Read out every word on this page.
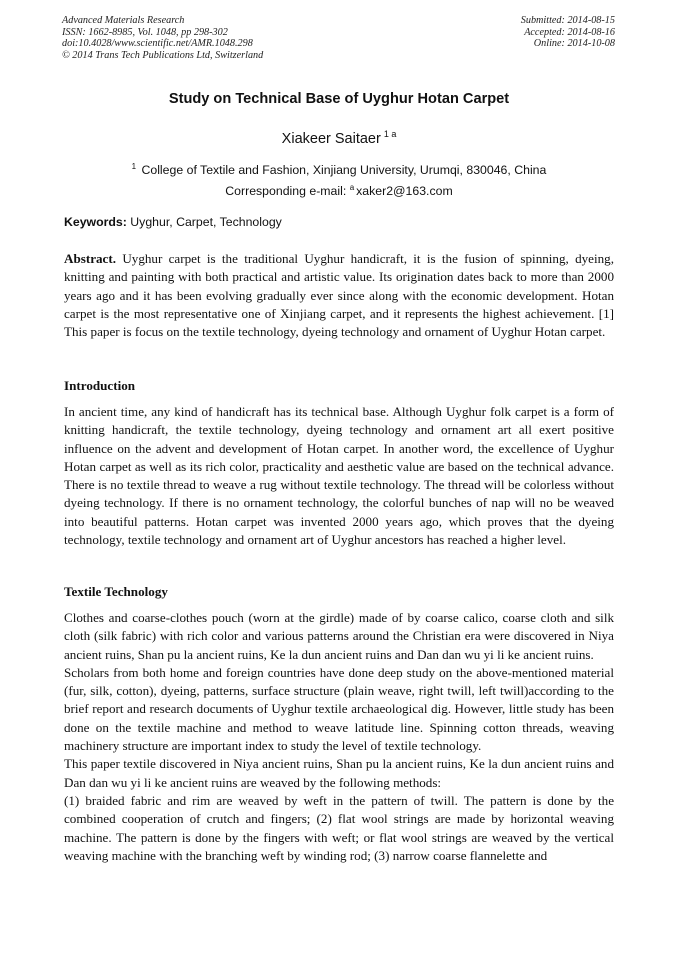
Advanced Materials Research
ISSN: 1662-8985, Vol. 1048, pp 298-302
doi:10.4028/www.scientific.net/AMR.1048.298
© 2014 Trans Tech Publications Ltd, Switzerland
Submitted: 2014-08-15
Accepted: 2014-08-16
Online: 2014-10-08
Study on Technical Base of Uyghur Hotan Carpet
Xiakeer Saitaer $^{1 a}$
$^1$ College of Textile and Fashion, Xinjiang University, Urumqi, 830046, China
Corresponding e-mail: $^a$ xaker2@163.com
Keywords: Uyghur, Carpet, Technology

Abstract. Uyghur carpet is the traditional Uyghur handicraft, it is the fusion of spinning, dyeing, knitting and painting with both practical and artistic value. Its origination dates back to more than 2000 years ago and it has been evolving gradually ever since along with the economic development. Hotan carpet is the most representative one of Xinjiang carpet, and it represents the highest achievement. [1] This paper is focus on the textile technology, dyeing technology and ornament of Uyghur Hotan carpet.

Introduction

In ancient time, any kind of handicraft has its technical base. Although Uyghur folk carpet is a form of knitting handicraft, the textile technology, dyeing technology and ornament art all exert positive influence on the advent and development of Hotan carpet. In another word, the excellence of Uyghur Hotan carpet as well as its rich color, practicality and aesthetic value are based on the technical advance. There is no textile thread to weave a rug without textile technology. The thread will be colorless without dyeing technology. If there is no ornament technology, the colorful bunches of nap will no be weaved into beautiful patterns. Hotan carpet was invented 2000 years ago, which proves that the dyeing technology, textile technology and ornament art of Uyghur ancestors has reached a higher level.

Textile Technology

Clothes and coarse-clothes pouch (worn at the girdle) made of by coarse calico, coarse cloth and silk cloth (silk fabric) with rich color and various patterns around the Christian era were discovered in Niya ancient ruins, Shan pu la ancient ruins, Ke la dun ancient ruins and Dan dan wu yi li ke ancient ruins.

Scholars from both home and foreign countries have done deep study on the above-mentioned material (fur, silk, cotton), dyeing, patterns, surface structure (plain weave, right twill, left twill)according to the brief report and research documents of Uyghur textile archaeological dig. However, little study has been done on the textile machine and method to weave latitude line. Spinning cotton threads, weaving machinery structure are important index to study the level of textile technology.

This paper textile discovered in Niya ancient ruins, Shan pu la ancient ruins, Ke la dun ancient ruins and Dan dan wu yi li ke ancient ruins are weaved by the following methods:

(1) braided fabric and rim are weaved by weft in the pattern of twill. The pattern is done by the combined cooperation of crutch and fingers; (2) flat wool strings are made by horizontal weaving machine. The pattern is done by the fingers with weft; or flat wool strings are weaved by the vertical weaving machine with the branching weft by winding rod; (3) narrow coarse flannelette and
